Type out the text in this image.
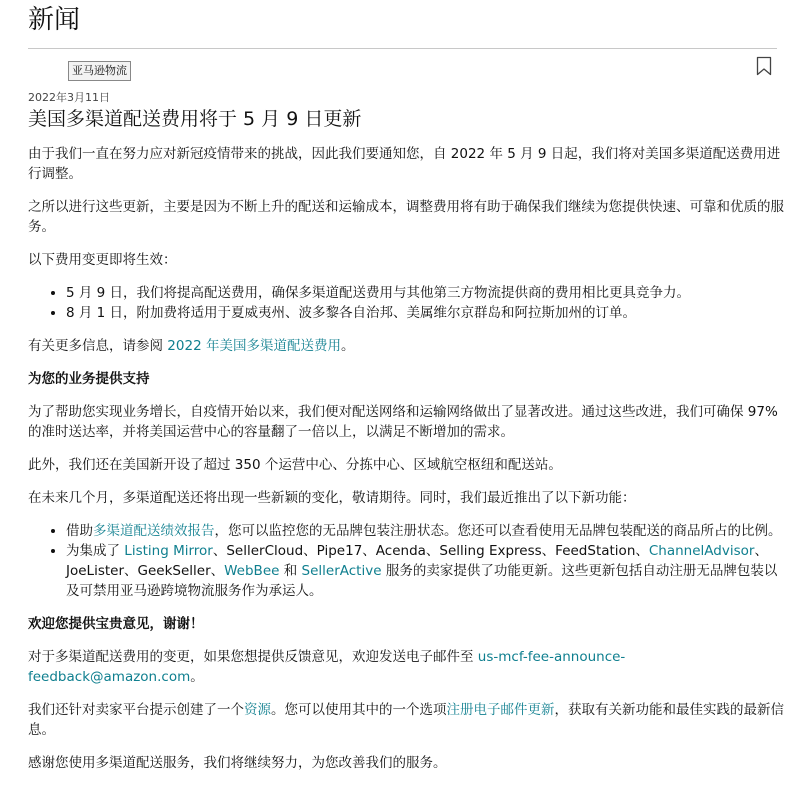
新闻
亚马逊物流
2022年3月11日
美国多渠道配送费用将于 5 月 9 日更新

由于我们一直在努力应对新冠疫情带来的挑战，因此我们要通知您，自 2022 年 5 月 9 日起，我们将对美国多渠道配送费用进行调整。

之所以进行这些更新，主要是因为不断上升的配送和运输成本，调整费用将有助于确保我们继续为您提供快速、可靠和优质的服务。

以下费用变更即将生效：

• 5 月 9 日，我们将提高配送费用，确保多渠道配送费用与其他第三方物流提供商的费用相比更具竞争力。
• 8 月 1 日，附加费将适用于夏威夷州、波多黎各自治邦、美属维尔京群岛和阿拉斯加州的订单。

有关更多信息，请参阅 2022 年美国多渠道配送费用。

为您的业务提供支持

为了帮助您实现业务增长，自疫情开始以来，我们便对配送网络和运输网络做出了显著改进。通过这些改进，我们可确保 97% 的准时送达率，并将美国运营中心的容量翻了一倍以上，以满足不断增加的需求。

此外，我们还在美国新开设了超过 350 个运营中心、分拣中心、区域航空枢纽和配送站。

在未来几个月，多渠道配送还将出现一些新颖的变化，敬请期待。同时，我们最近推出了以下新功能：

• 借助多渠道配送绩效报告，您可以监控您的无品牌包装注册状态。您还可以查看使用无品牌包装配送的商品所占的比例。
• 为集成了 Listing Mirror、SellerCloud、Pipe17、Acenda、Selling Express、FeedStation、ChannelAdvisor、JoeLister、GeekSeller、WebBee 和 SellerActive 服务的卖家提供了功能更新。这些更新包括自动注册无品牌包装以及可禁用亚马逊跨境物流服务作为承运人。

欢迎您提供宝贵意见，谢谢！

对于多渠道配送费用的变更，如果您想提供反馈意见，欢迎发送电子邮件至 us-mcf-fee-announce-feedback@amazon.com。

我们还针对卖家平台提示创建了一个资源。您可以使用其中的一个选项注册电子邮件更新，获取有关新功能和最佳实践的最新信息。

感谢您使用多渠道配送服务，我们将继续努力，为您改善我们的服务。
